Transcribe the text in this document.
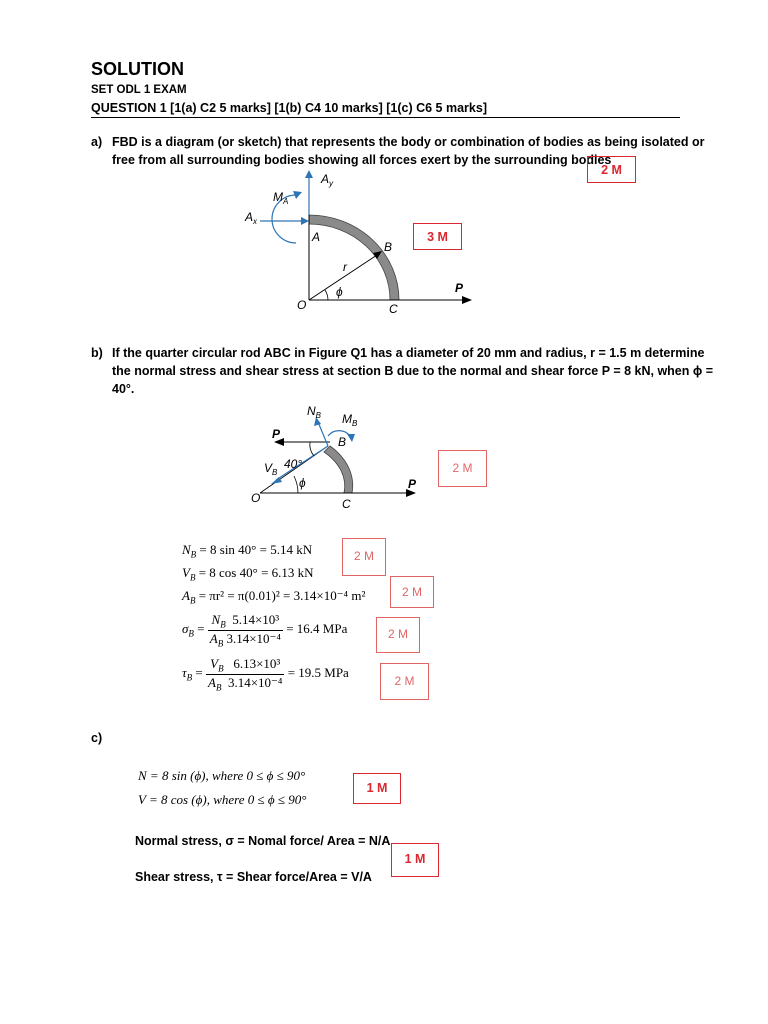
SOLUTION
SET ODL 1 EXAM
QUESTION 1 [1(a) C2 5 marks] [1(b) C4 10 marks] [1(c) C6 5 marks]
a) FBD is a diagram (or sketch) that represents the body or combination of bodies as being isolated or
free from all surrounding bodies showing all forces exert by the surrounding bodies
2 M
3 M
$A_y$
$M_A$
$A_x$
A
B
r
ϕ
O	C
P
b) If the quarter circular rod ABC in Figure Q1 has a diameter of 20 mm and radius, r = 1.5 m determine
the normal stress and shear stress at section B due to the normal and shear force P = 8 kN, when ϕ =
40°.
$N_B$ $M_B$
P
B
40°
$V_B$
ϕ
O	C
P
2 M
$N_B = 8$ sin 40° = 5.14 kN
$V_B = 8$ cos 40° = 6.13 kN
$A_B = \pi r^2 = \pi(0.01)^2 = 3.14\times 10^{-4}$ m²
$\sigma_B = \frac{N_B 5.14\times 10^3}{A_B 3.14\times 10^{-4}} = 16.4$ MPa
$\tau_B = \frac{V_B 6.13\times 10^3}{A_B 3.14\times 10^{-4}} = 19.5$ MPa
2 M
2 M
2 M
2 M
c)
N = 8 sin (ϕ), where 0 ≤ ϕ ≤ 90°
V = 8 cos (ϕ), where 0 ≤ ϕ ≤ 90°
1 M
Normal stress, σ = Nomal force/ Area = N/A
1 M
Shear stress, τ = Shear force/Area = V/A
